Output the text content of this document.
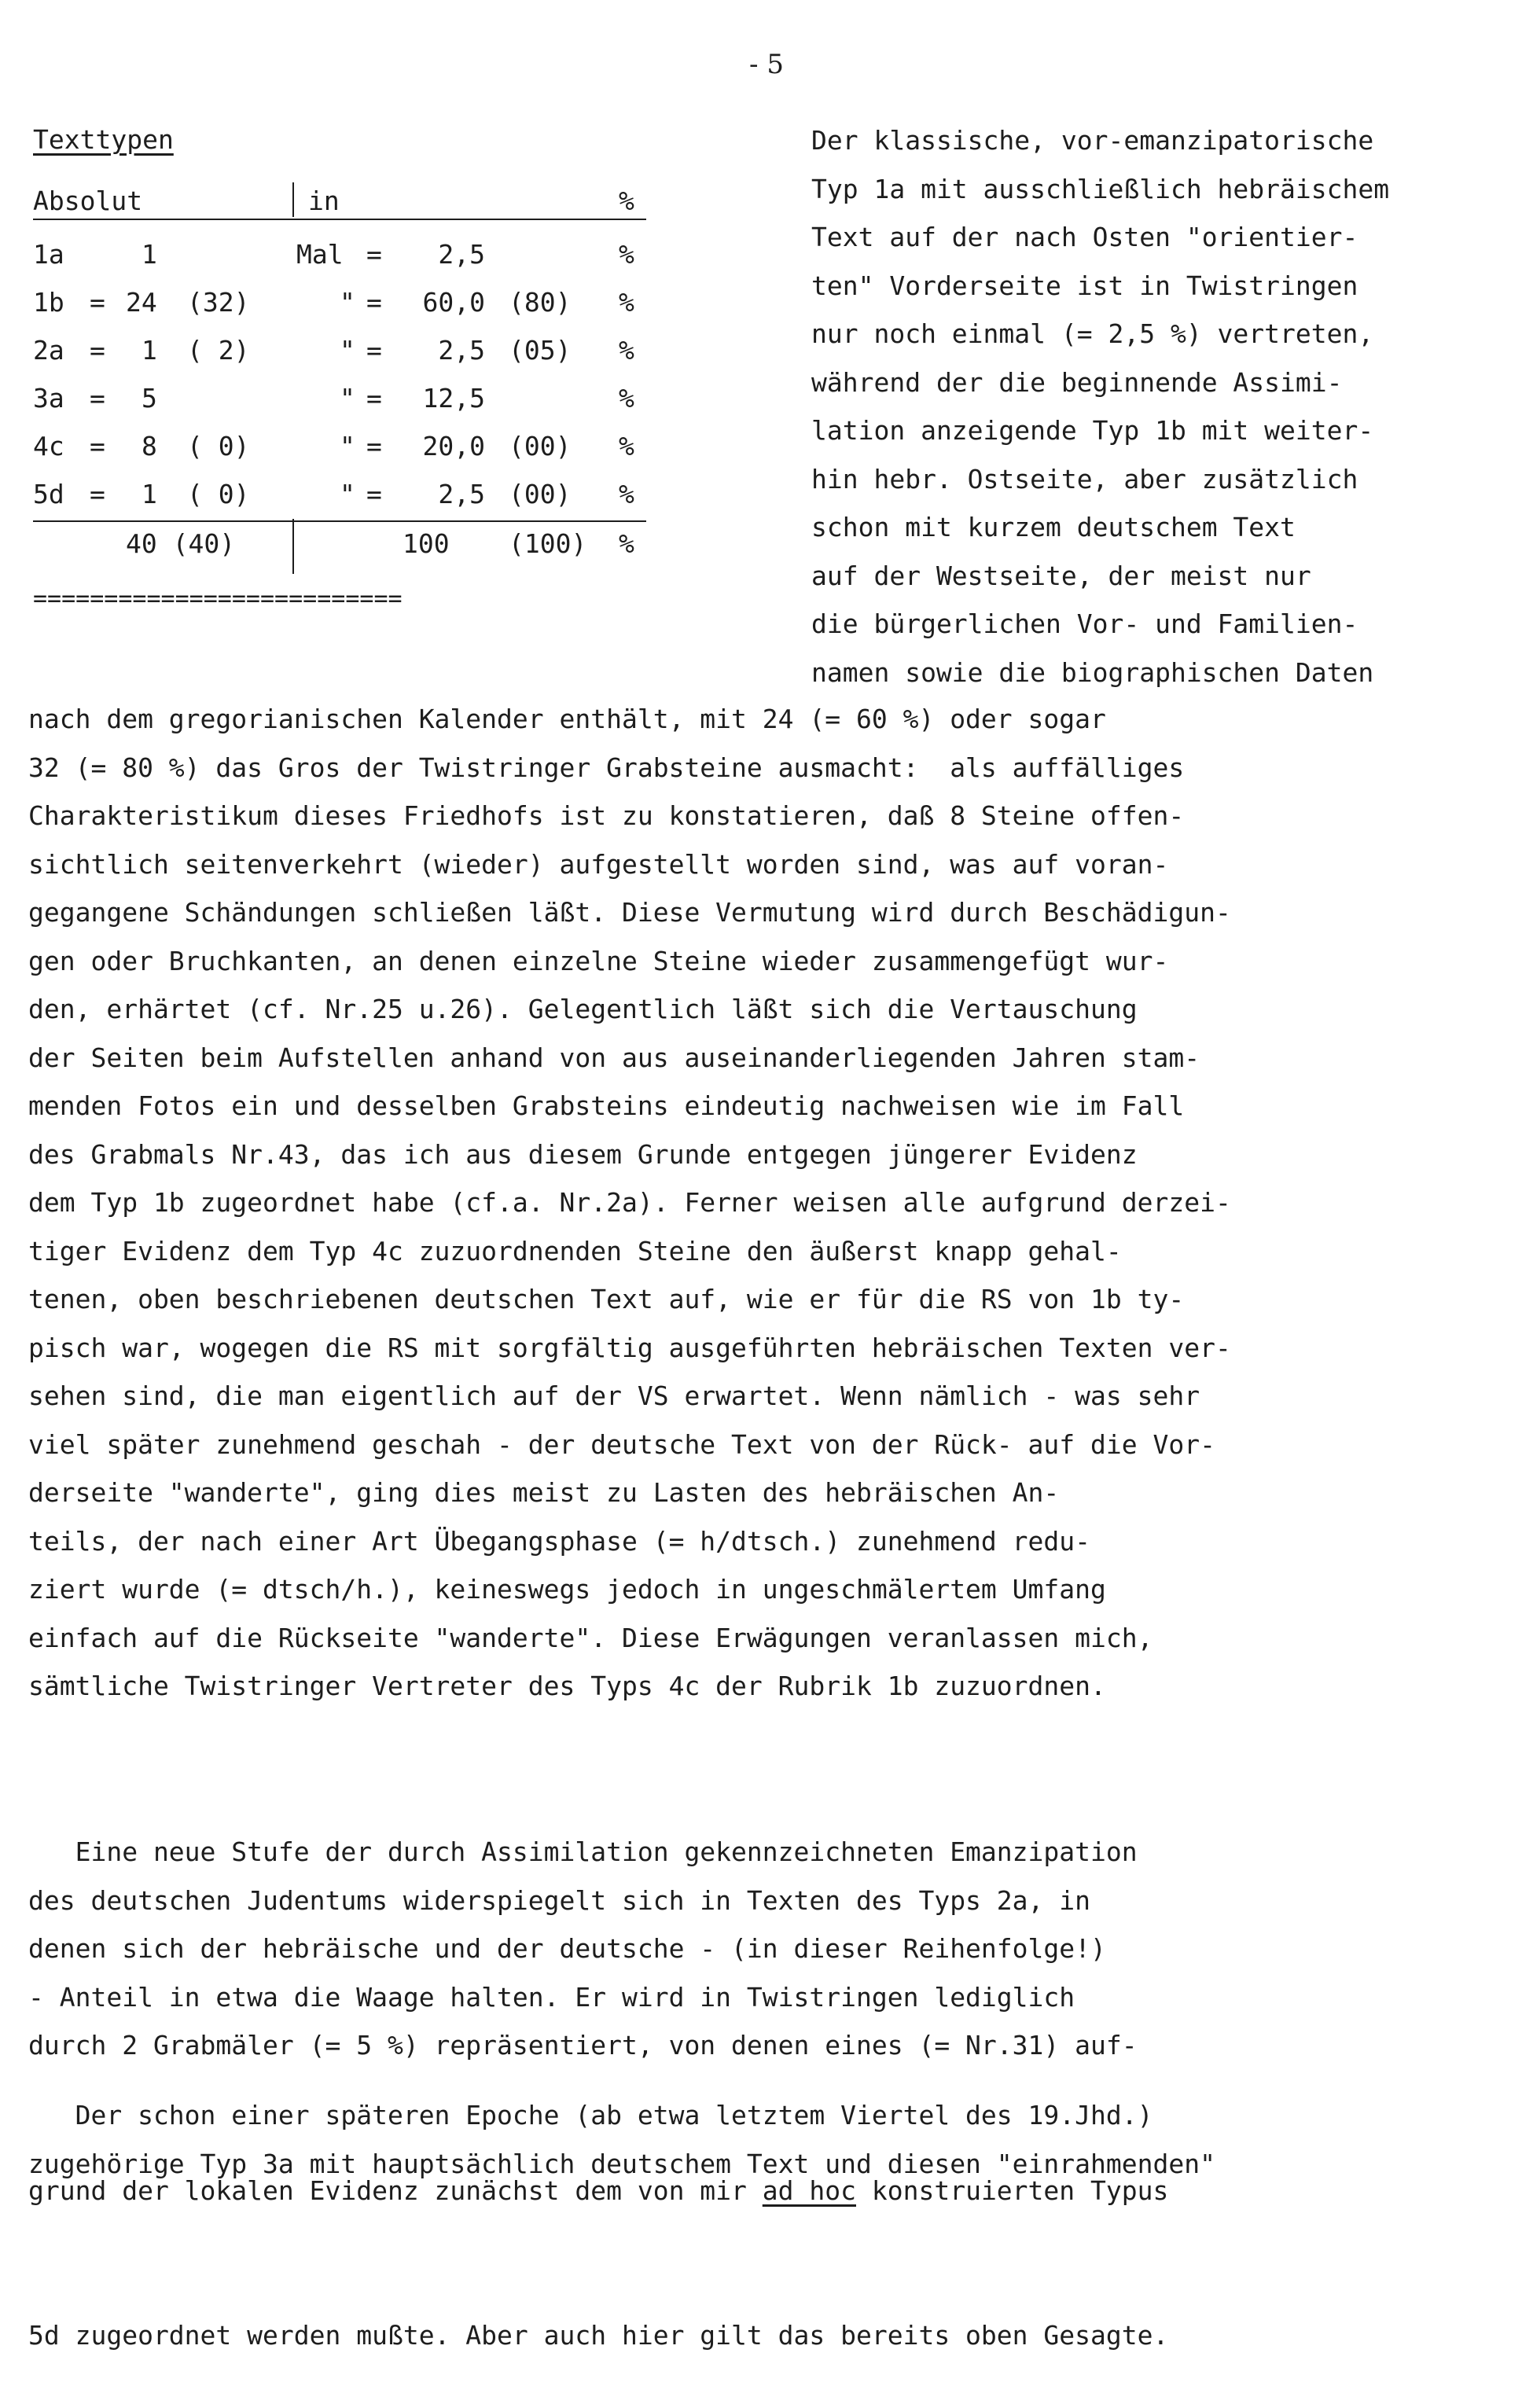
- 5
Texttypen
Absolut	in	%
1a	1	Mal = 2,5	%
1b = 24 (32)	" = 60,0 (80) %
2a = 1 ( 2)	" = 2,5 (05) %
3a = 5	" = 12,5	%
4c = 8 ( 0)	" = 20,0 (00) %
5d = 1 ( 0)	" = 2,5 (00) %
40 (40)	100 (100) %
==========================
Der klassische, vor-emanzipatorische
Typ 1a mit ausschließlich hebräischem
Text auf der nach Osten "orientier-
ten" Vorderseite ist in Twistringen
nur noch einmal (= 2,5 %) vertreten,
während der die beginnende Assimi-
lation anzeigende Typ 1b mit weiter-
hin hebr. Ostseite, aber zusätzlich
schon mit kurzem deutschem Text
auf der Westseite, der meist nur
die bürgerlichen Vor- und Familien-
namen sowie die biographischen Daten
nach dem gregorianischen Kalender enthält, mit 24 (= 60 %) oder sogar
32 (= 80 %) das Gros der Twistringer Grabsteine ausmacht:  als auffälliges
Charakteristikum dieses Friedhofs ist zu konstatieren, daß 8 Steine offen-
sichtlich seitenverkehrt (wieder) aufgestellt worden sind, was auf voran-
gegangene Schändungen schließen läßt. Diese Vermutung wird durch Beschädigun-
gen oder Bruchkanten, an denen einzelne Steine wieder zusammengefügt wur-
den, erhärtet (cf. Nr.25 u.26). Gelegentlich läßt sich die Vertauschung
der Seiten beim Aufstellen anhand von aus auseinanderliegenden Jahren stam-
menden Fotos ein und desselben Grabsteins eindeutig nachweisen wie im Fall
des Grabmals Nr.43, das ich aus diesem Grunde entgegen jüngerer Evidenz
dem Typ 1b zugeordnet habe (cf.a. Nr.2a). Ferner weisen alle aufgrund derzei-
tiger Evidenz dem Typ 4c zuzuordnenden Steine den äußerst knapp gehal-
tenen, oben beschriebenen deutschen Text auf, wie er für die RS von 1b ty-
pisch war, wogegen die RS mit sorgfältig ausgeführten hebräischen Texten ver-
sehen sind, die man eigentlich auf der VS erwartet. Wenn nämlich - was sehr
viel später zunehmend geschah - der deutsche Text von der Rück- auf die Vor-
derseite "wanderte", ging dies meist zu Lasten des hebräischen An-
teils, der nach einer Art Übegangsphase (= h/dtsch.) zunehmend redu-
ziert wurde (= dtsch/h.), keineswegs jedoch in ungeschmälertem Umfang
einfach auf die Rückseite "wanderte". Diese Erwägungen veranlassen mich,
sämtliche Twistringer Vertreter des Typs 4c der Rubrik 1b zuzuordnen.

Eine neue Stufe der durch Assimilation gekennzeichneten Emanzipation
des deutschen Judentums widerspiegelt sich in Texten des Typs 2a, in
denen sich der hebräische und der deutsche - (in dieser Reihenfolge!)
- Anteil in etwa die Waage halten. Er wird in Twistringen lediglich
durch 2 Grabmäler (= 5 %) repräsentiert, von denen eines (= Nr.31) auf-

grund der lokalen Evidenz zunächst dem von mir ad hoc konstruierten Typus

5d zugeordnet werden mußte. Aber auch hier gilt das bereits oben Gesagte.

Der schon einer späteren Epoche (ab etwa letztem Viertel des 19.Jhd.)
zugehörige Typ 3a mit hauptsächlich deutschem Text und diesen "einrahmenden"
